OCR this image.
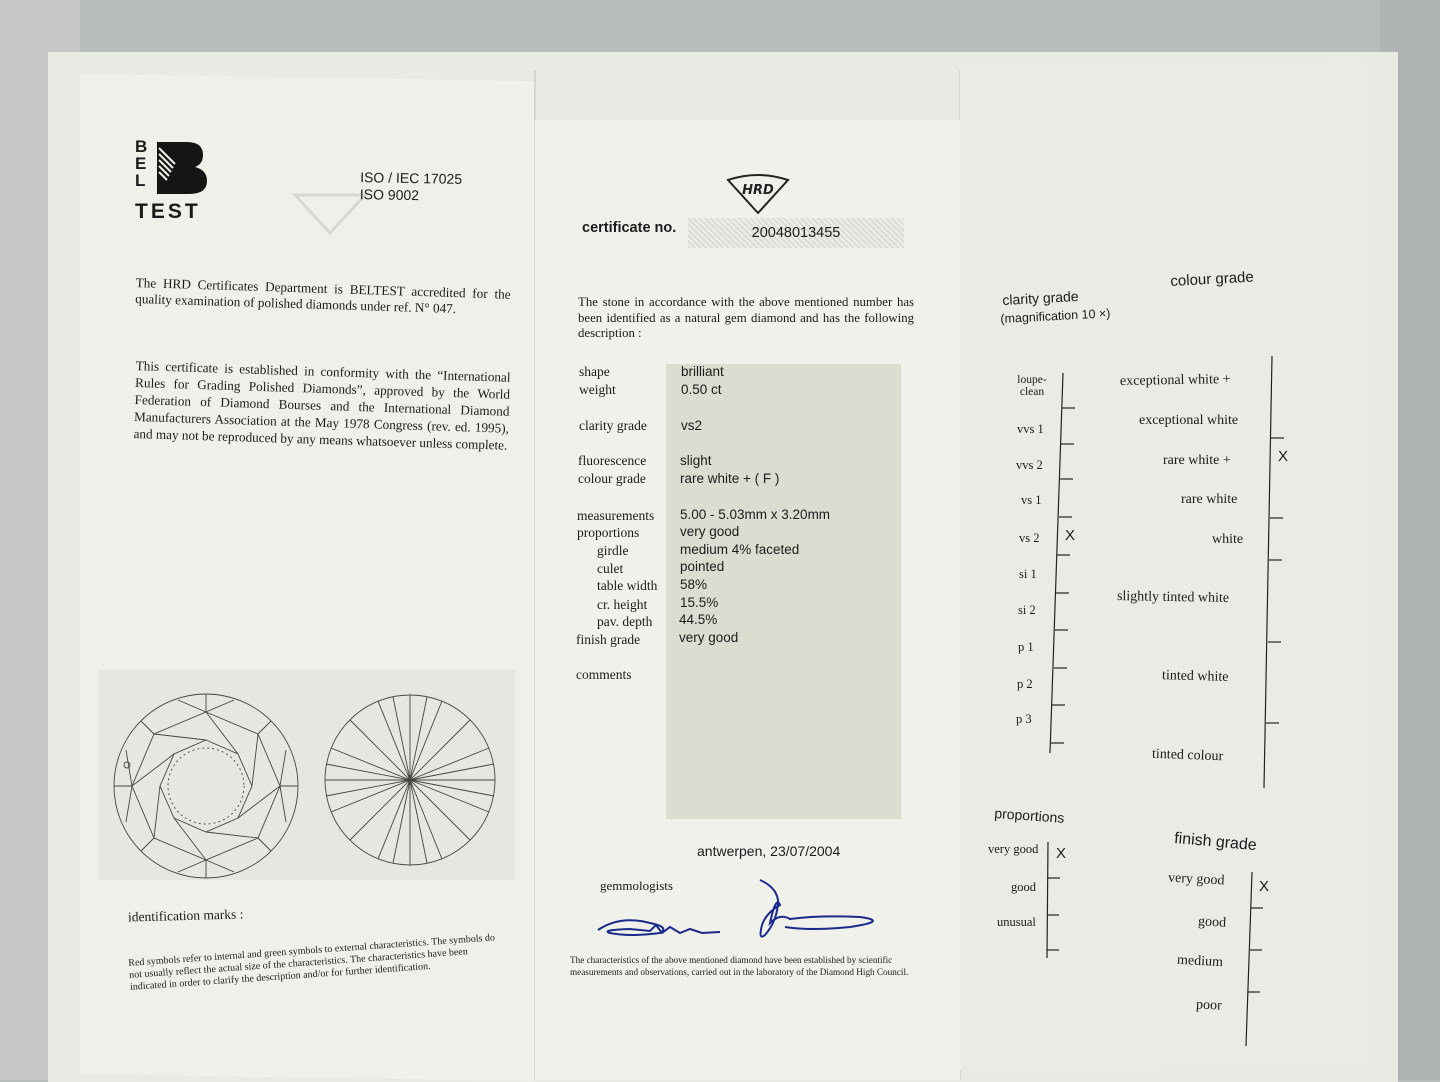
B
E
L
TEST
ISO / IEC 17025
ISO 9002
The HRD Certificates Department is BELTEST accredited for the quality examination of polished diamonds under ref. N° 047.
This certificate is established in conformity with the “International Rules for Grading Polished Diamonds”, approved by the World Federation of Diamond Bourses and the International Diamond Manufacturers Association at the May 1978 Congress (rev. ed. 1995), and may not be reproduced by any means whatsoever unless complete.
identification marks :
Red symbols refer to internal and green symbols to external characteristics. The symbols do not usually reflect the actual size of the characteristics. The characteristics have been indicated in order to clarify the description and/or for further identification.
HRD
certificate no.	20048013455
The stone in accordance with the above mentioned number has been identified as a natural gem diamond and has the following description :
shape	brilliant
weight	0.50 ct
clarity grade	vs2
fluorescence	slight
colour grade	rare white + ( F )
measurements 5.00 - 5.03mm x 3.20mm
proportions	very good
girdle	medium 4% faceted
culet	pointed
table width 58%
cr. height 15.5%
pav. depth 44.5%
finish grade	very good
comments
antwerpen, 23/07/2004
gemmologists
The characteristics of the above mentioned diamond have been established by scientific measurements and observations, carried out in the laboratory of the Diamond High Council.
clarity grade
(magnification 10 ×)
colour grade
loupe-clean
vvs 1
vvs 2
vs 1
vs 2
si 1
si 2
p 1
p 2
p 3
X
exceptional white +
exceptional white
rare white +
rare white
white
slightly tinted white
tinted white
tinted colour
X
proportions
very good
good
unusual
X	finish grade
very good
good
medium
poor
X
